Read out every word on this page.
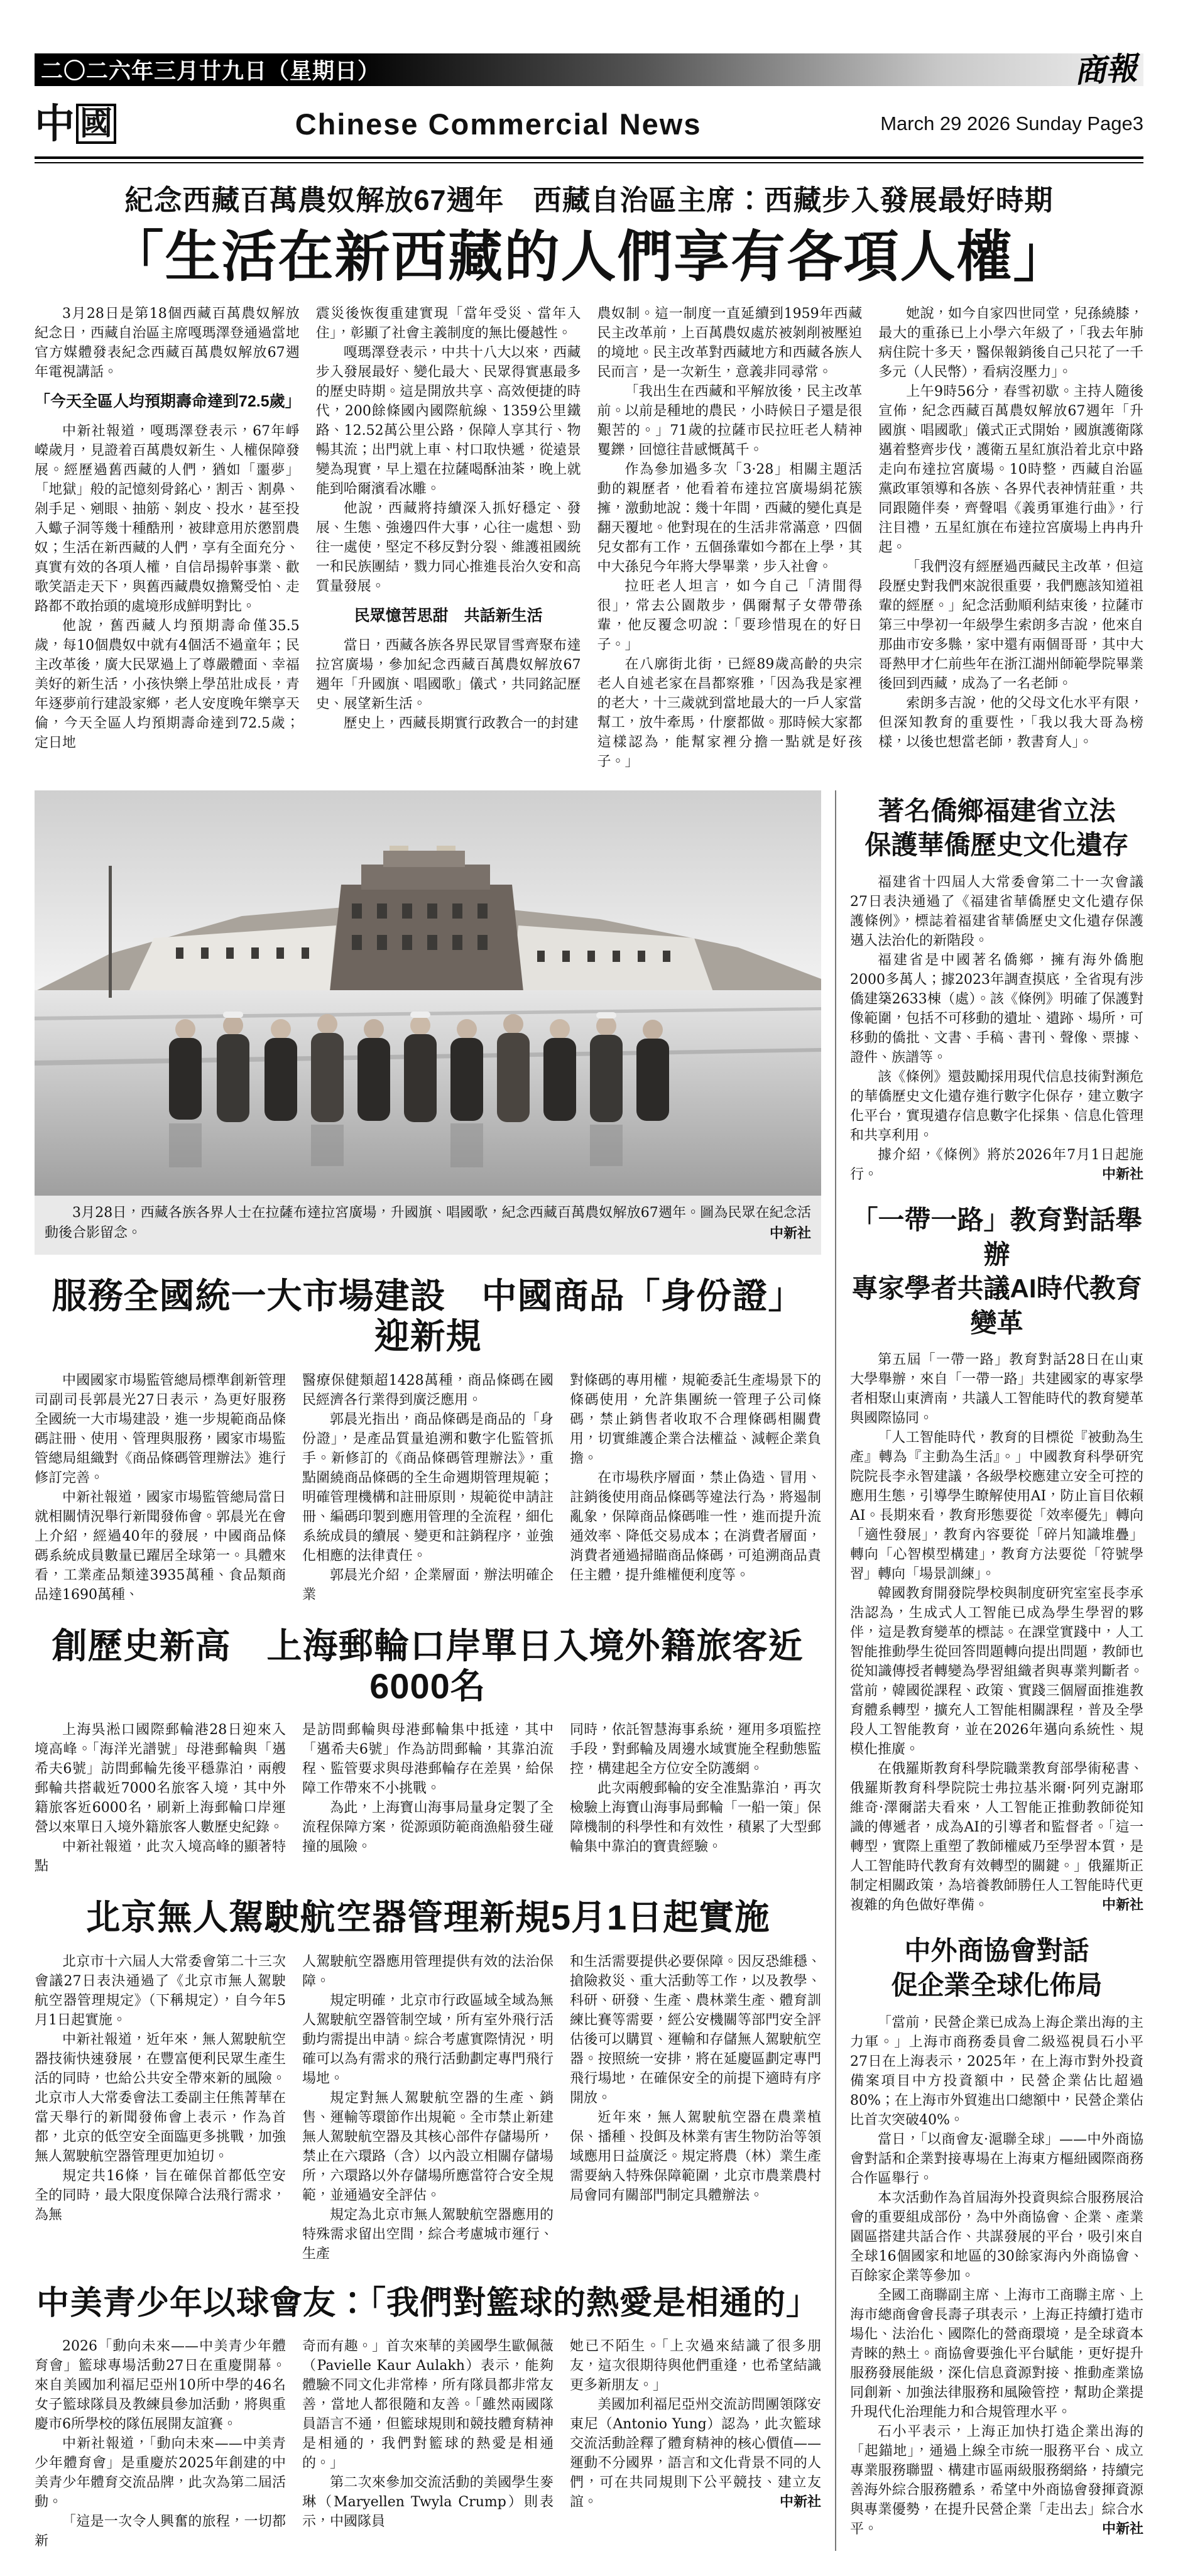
二〇二六年三月廿九日（星期日）	商報
中 國	Chinese Commercial News	March 29 2026 Sunday Page3
紀念西藏百萬農奴解放67週年　西藏自治區主席：西藏步入發展最好時期
「生活在新西藏的人們享有各項人權」

3月28日是第18個西藏百萬農奴解放紀念日，西藏自治區主席嘎瑪澤登通過當地官方媒體發表紀念西藏百萬農奴解放67週年電視講話。

「今天全區人均預期壽命達到72.5歲」

中新社報道，嘎瑪澤登表示，67年崢嶸歲月，見證着百萬農奴新生、人權保障發展。經歷過舊西藏的人們，猶如「噩夢」「地獄」般的記憶刻骨銘心，割舌、割鼻、剁手足、剜眼、抽筋、剝皮、投水，甚至投入蠍子洞等幾十種酷刑，被肆意用於懲罰農奴；生活在新西藏的人們，享有全面充分、真實有效的各項人權，自信昂揚幹事業、歡歌笑語走天下，與舊西藏農奴擔驚受怕、走路都不敢抬頭的處境形成鮮明對比。

他說，舊西藏人均預期壽命僅35.5歲，每10個農奴中就有4個活不過童年；民主改革後，廣大民眾過上了尊嚴體面、幸福美好的新生活，小孩快樂上學茁壯成長，青年逐夢前行建設家鄉，老人安度晚年樂享天倫，今天全區人均預期壽命達到72.5歲；定日地

震災後恢復重建實現「當年受災、當年入住」，彰顯了社會主義制度的無比優越性。

嘎瑪澤登表示，中共十八大以來，西藏步入發展最好、變化最大、民眾得實惠最多的歷史時期。這是開放共享、高效便捷的時代，200餘條國內國際航線、1359公里鐵路、12.52萬公里公路，保障人享其行、物暢其流；出門就上車、村口取快遞，從遠景變為現實，早上還在拉薩喝酥油茶，晚上就能到哈爾濱看冰雕。

他說，西藏將持續深入抓好穩定、發展、生態、強邊四件大事，心往一處想、勁往一處使，堅定不移反對分裂、維護祖國統一和民族團結，戮力同心推進長治久安和高質量發展。

民眾憶苦思甜　共話新生活

當日，西藏各族各界民眾冒雪齊聚布達拉宮廣場，參加紀念西藏百萬農奴解放67週年「升國旗、唱國歌」儀式，共同銘記歷史、展望新生活。

歷史上，西藏長期實行政教合一的封建

農奴制。這一制度一直延續到1959年西藏民主改革前，上百萬農奴處於被剝削被壓迫的境地。民主改革對西藏地方和西藏各族人民而言，是一次新生，意義非同尋常。

「我出生在西藏和平解放後，民主改革前。以前是種地的農民，小時候日子還是很艱苦的。」71歲的拉薩市民拉旺老人精神矍鑠，回憶往昔感慨萬千。

作為參加過多次「3·28」相關主題活動的親歷者，他看着布達拉宮廣場絹花簇擁，激動地說：幾十年間，西藏的變化真是翻天覆地。他對現在的生活非常滿意，四個兒女都有工作，五個孫輩如今都在上學，其中大孫兒今年將大學畢業，步入社會。

拉旺老人坦言，如今自己「清閒得很」，常去公園散步，偶爾幫子女帶帶孫輩，他反覆念叨說：「要珍惜現在的好日子。」

在八廓街北街，已經89歲高齡的央宗老人自述老家在昌都察雅，「因為我是家裡的老大，十三歲就到當地最大的一戶人家當幫工，放牛牽馬，什麼都做。那時候大家都這樣認為，能幫家裡分擔一點就是好孩子。」

她說，如今自家四世同堂，兒孫繞膝，最大的重孫已上小學六年級了，「我去年肺病住院十多天，醫保報銷後自己只花了一千多元（人民幣），看病沒壓力」。

上午9時56分，春雪初歇。主持人隨後宣佈，紀念西藏百萬農奴解放67週年「升國旗、唱國歌」儀式正式開始，國旗護衛隊邁着整齊步伐，護衛五星紅旗沿着北京中路走向布達拉宮廣場。10時整，西藏自治區黨政軍領導和各族、各界代表神情莊重，共同跟隨伴奏，齊聲唱《義勇軍進行曲》，行注目禮，五星紅旗在布達拉宮廣場上冉冉升起。

「我們沒有經歷過西藏民主改革，但這段歷史對我們來說很重要，我們應該知道祖輩的經歷。」紀念活動順利結束後，拉薩市第三中學初一年級學生索朗多吉說，他來自那曲市安多縣，家中還有兩個哥哥，其中大哥熱甲才仁前些年在浙江湖州師範學院畢業後回到西藏，成為了一名老師。

索朗多吉說，他的父母文化水平有限，但深知教育的重要性，「我以我大哥為榜樣，以後也想當老師，教書育人」。

3月28日，西藏各族各界人士在拉薩布達拉宮廣場，升國旗、唱國歌，紀念西藏百萬農奴解放67週年。圖為民眾在紀念活動後合影留念。	中新社
服務全國統一大市場建設　中國商品「身份證」迎新規

中國國家市場監管總局標準創新管理司副司長郭晨光27日表示，為更好服務全國統一大市場建設，進一步規範商品條碼註冊、使用、管理與服務，國家市場監管總局組織對《商品條碼管理辦法》進行修訂完善。

中新社報道，國家市場監管總局當日就相關情況舉行新聞發佈會。郭晨光在會上介紹，經過40年的發展，中國商品條碼系統成員數量已躍居全球第一。具體來看，工業產品類達3935萬種、食品類商品達1690萬種、

醫療保健類超1428萬種，商品條碼在國民經濟各行業得到廣泛應用。

郭晨光指出，商品條碼是商品的「身份證」，是產品質量追溯和數字化監管抓手。新修訂的《商品條碼管理辦法》，重點圍繞商品條碼的全生命週期管理規範；明確管理機構和註冊原則，規範從申請註冊、編碼印製到應用管理的全流程，細化系統成員的續展、變更和註銷程序，並強化相應的法律責任。

郭晨光介紹，企業層面，辦法明確企業

對條碼的專用權，規範委託生產場景下的條碼使用，允許集團統一管理子公司條碼，禁止銷售者收取不合理條碼相關費用，切實維護企業合法權益、減輕企業負擔。

在市場秩序層面，禁止偽造、冒用、註銷後使用商品條碼等違法行為，將遏制亂象，保障商品條碼唯一性，進而提升流通效率、降低交易成本；在消費者層面，消費者通過掃瞄商品條碼，可追溯商品責任主體，提升維權便利度等。

創歷史新高　上海郵輪口岸單日入境外籍旅客近6000名

上海吳淞口國際郵輪港28日迎來入境高峰。「海洋光譜號」母港郵輪與「邁希夫6號」訪問郵輪先後平穩靠泊，兩艘郵輪共搭載近7000名旅客入境，其中外籍旅客近6000名，刷新上海郵輪口岸運營以來單日入境外籍旅客人數歷史紀錄。

中新社報道，此次入境高峰的顯著特點

是訪問郵輪與母港郵輪集中抵達，其中「邁希夫6號」作為訪問郵輪，其靠泊流程、監管要求與母港郵輪存在差異，給保障工作帶來不小挑戰。

為此，上海寶山海事局量身定製了全流程保障方案，從源頭防範商漁船發生碰撞的風險。

同時，依託智慧海事系統，運用多項監控手段，對郵輪及周邊水域實施全程動態監控，構建起全方位安全防護網。

此次兩艘郵輪的安全准點靠泊，再次檢驗上海寶山海事局郵輪「一船一策」保障機制的科學性和有效性，積累了大型郵輪集中靠泊的寶貴經驗。

北京無人駕駛航空器管理新規5月1日起實施

北京市十六屆人大常委會第二十三次會議27日表決通過了《北京市無人駕駛航空器管理規定》（下稱規定），自今年5月1日起實施。

中新社報道，近年來，無人駕駛航空器技術快速發展，在豐富便利民眾生產生活的同時，也給公共安全帶來新的風險。北京市人大常委會法工委副主任熊菁華在當天舉行的新聞發佈會上表示，作為首都，北京的低空安全面臨更多挑戰，加強無人駕駛航空器管理更加迫切。

規定共16條，旨在確保首都低空安全的同時，最大限度保障合法飛行需求，為無

人駕駛航空器應用管理提供有效的法治保障。

規定明確，北京市行政區域全域為無人駕駛航空器管制空域，所有室外飛行活動均需提出申請。綜合考慮實際情況，明確可以為有需求的飛行活動劃定專門飛行場地。

規定對無人駕駛航空器的生產、銷售、運輸等環節作出規範。全市禁止新建無人駕駛航空器及其核心部件存儲場所，禁止在六環路（含）以內設立相關存儲場所，六環路以外存儲場所應當符合安全規範，並通過安全評估。

規定為北京市無人駕駛航空器應用的特殊需求留出空間，綜合考慮城市運行、生產

和生活需要提供必要保障。因反恐維穩、搶險救災、重大活動等工作，以及教學、科研、研發、生產、農林業生產、體育訓練比賽等需要，經公安機關等部門安全評估後可以購買、運輸和存儲無人駕駛航空器。按照統一安排，將在延慶區劃定專門飛行場地，在確保安全的前提下適時有序開放。

近年來，無人駕駛航空器在農業植保、播種、投餌及林業有害生物防治等領域應用日益廣泛。規定將農（林）業生產需要納入特殊保障範圍，北京市農業農村局會同有關部門制定具體辦法。

中美青少年以球會友：「我們對籃球的熱愛是相通的」

2026「動向未來——中美青少年體育會」籃球專場活動27日在重慶開幕。來自美國加利福尼亞州10所中學的46名女子籃球隊員及教練員參加活動，將與重慶市6所學校的隊伍展開友誼賽。

中新社報道，「動向未來——中美青少年體育會」是重慶於2025年創建的中美青少年體育交流品牌，此次為第二屆活動。

「這是一次令人興奮的旅程，一切都新

奇而有趣。」首次來華的美國學生歐佩薇（Pavielle Kaur Aulakh）表示，能夠體驗不同文化非常棒，所有隊員都非常友善，當地人都很隨和友善。「雖然兩國隊員語言不通，但籃球規則和競技體育精神是相通的，我們對籃球的熱愛是相通的。」

第二次來參加交流活動的美國學生麥琳（Maryellen Twyla Crump）則表示，中國隊員

她已不陌生。「上次過來結識了很多朋友，這次很期待與他們重逢，也希望結識更多新朋友。」

美國加利福尼亞州交流訪問團領隊安東尼（Antonio Yung）認為，此次籃球交流活動詮釋了體育精神的核心價值——運動不分國界，語言和文化背景不同的人們，可在共同規則下公平競技、建立友誼。	中新社

著名僑鄉福建省立法
保護華僑歷史文化遺存

福建省十四屆人大常委會第二十一次會議27日表決通過了《福建省華僑歷史文化遺存保護條例》，標誌着福建省華僑歷史文化遺存保護邁入法治化的新階段。

福建省是中國著名僑鄉，擁有海外僑胞2000多萬人；據2023年調查摸底，全省現有涉僑建築2633棟（處）。該《條例》明確了保護對像範圍，包括不可移動的遺址、遺跡、場所，可移動的僑批、文書、手稿、書刊、聲像、票據、證件、族譜等。

該《條例》還鼓勵採用現代信息技術對瀕危的華僑歷史文化遺存進行數字化保存，建立數字化平台，實現遺存信息數字化採集、信息化管理和共享利用。

據介紹，《條例》將於2026年7月1日起施行。	中新社

「一帶一路」教育對話舉辦
專家學者共議AI時代教育變革

第五屆「一帶一路」教育對話28日在山東大學舉辦，來自「一帶一路」共建國家的專家學者相聚山東濟南，共議人工智能時代的教育變革與國際協同。

「人工智能時代，教育的目標從『被動為生產』轉為『主動為生活』。」中國教育科學研究院院長李永智建議，各級學校應建立安全可控的應用生態，引導學生瞭解使用AI，防止盲目依賴AI。長期來看，教育形態要從「效率優先」轉向「適性發展」，教育內容要從「碎片知識堆疊」轉向「心智模型構建」，教育方法要從「符號學習」轉向「場景訓練」。

韓國教育開發院學校與制度研究室室長李承浩認為，生成式人工智能已成為學生學習的夥伴，這是教育變革的標誌。在課堂實踐中，人工智能推動學生從回答問題轉向提出問題，教師也從知識傳授者轉變為學習組織者與專業判斷者。當前，韓國從課程、政策、實踐三個層面推進教育體系轉型，擴充人工智能相關課程，普及全學段人工智能教育，並在2026年邁向系統性、規模化推廣。

在俄羅斯教育科學院職業教育部學術秘書、俄羅斯教育科學院院士弗拉基米爾·阿列克謝耶維奇·澤爾諾夫看來，人工智能正推動教師從知識的傳遞者，成為AI的引導者和監督者。「這一轉型，實際上重塑了教師權威乃至學習本質，是人工智能時代教育有效轉型的關鍵。」俄羅斯正制定相關政策，為培養教師勝任人工智能時代更複雜的角色做好準備。	中新社

中外商協會對話
促企業全球化佈局

「當前，民營企業已成為上海企業出海的主力軍。」上海市商務委員會二級巡視員石小平27日在上海表示，2025年，在上海市對外投資備案項目中方投資額中，民營企業佔比超過80%；在上海市外貿進出口總額中，民營企業佔比首次突破40%。

當日，「以商會友·滬聯全球」——中外商協會對話和企業對接專場在上海東方樞紐國際商務合作區舉行。

本次活動作為首屆海外投資與綜合服務展洽會的重要組成部份，為中外商協會、企業、產業園區搭建共話合作、共謀發展的平台，吸引來自全球16個國家和地區的30餘家海內外商協會、百餘家企業等參加。

全國工商聯副主席、上海市工商聯主席、上海市總商會會長壽子琪表示，上海正持續打造市場化、法治化、國際化的營商環境，是全球資本青睞的熱土。商協會要強化平台賦能，更好提升服務發展能級，深化信息資源對接、推動產業協同創新、加強法律服務和風險管控，幫助企業提升現代化治理能力和合規管理水平。

石小平表示，上海正加快打造企業出海的「起錨地」，通過上線全市統一服務平台、成立專業服務聯盟、構建市區兩級服務網絡，持續完善海外綜合服務體系，希望中外商協會發揮資源與專業優勢，在提升民營企業「走出去」綜合水平。	中新社
